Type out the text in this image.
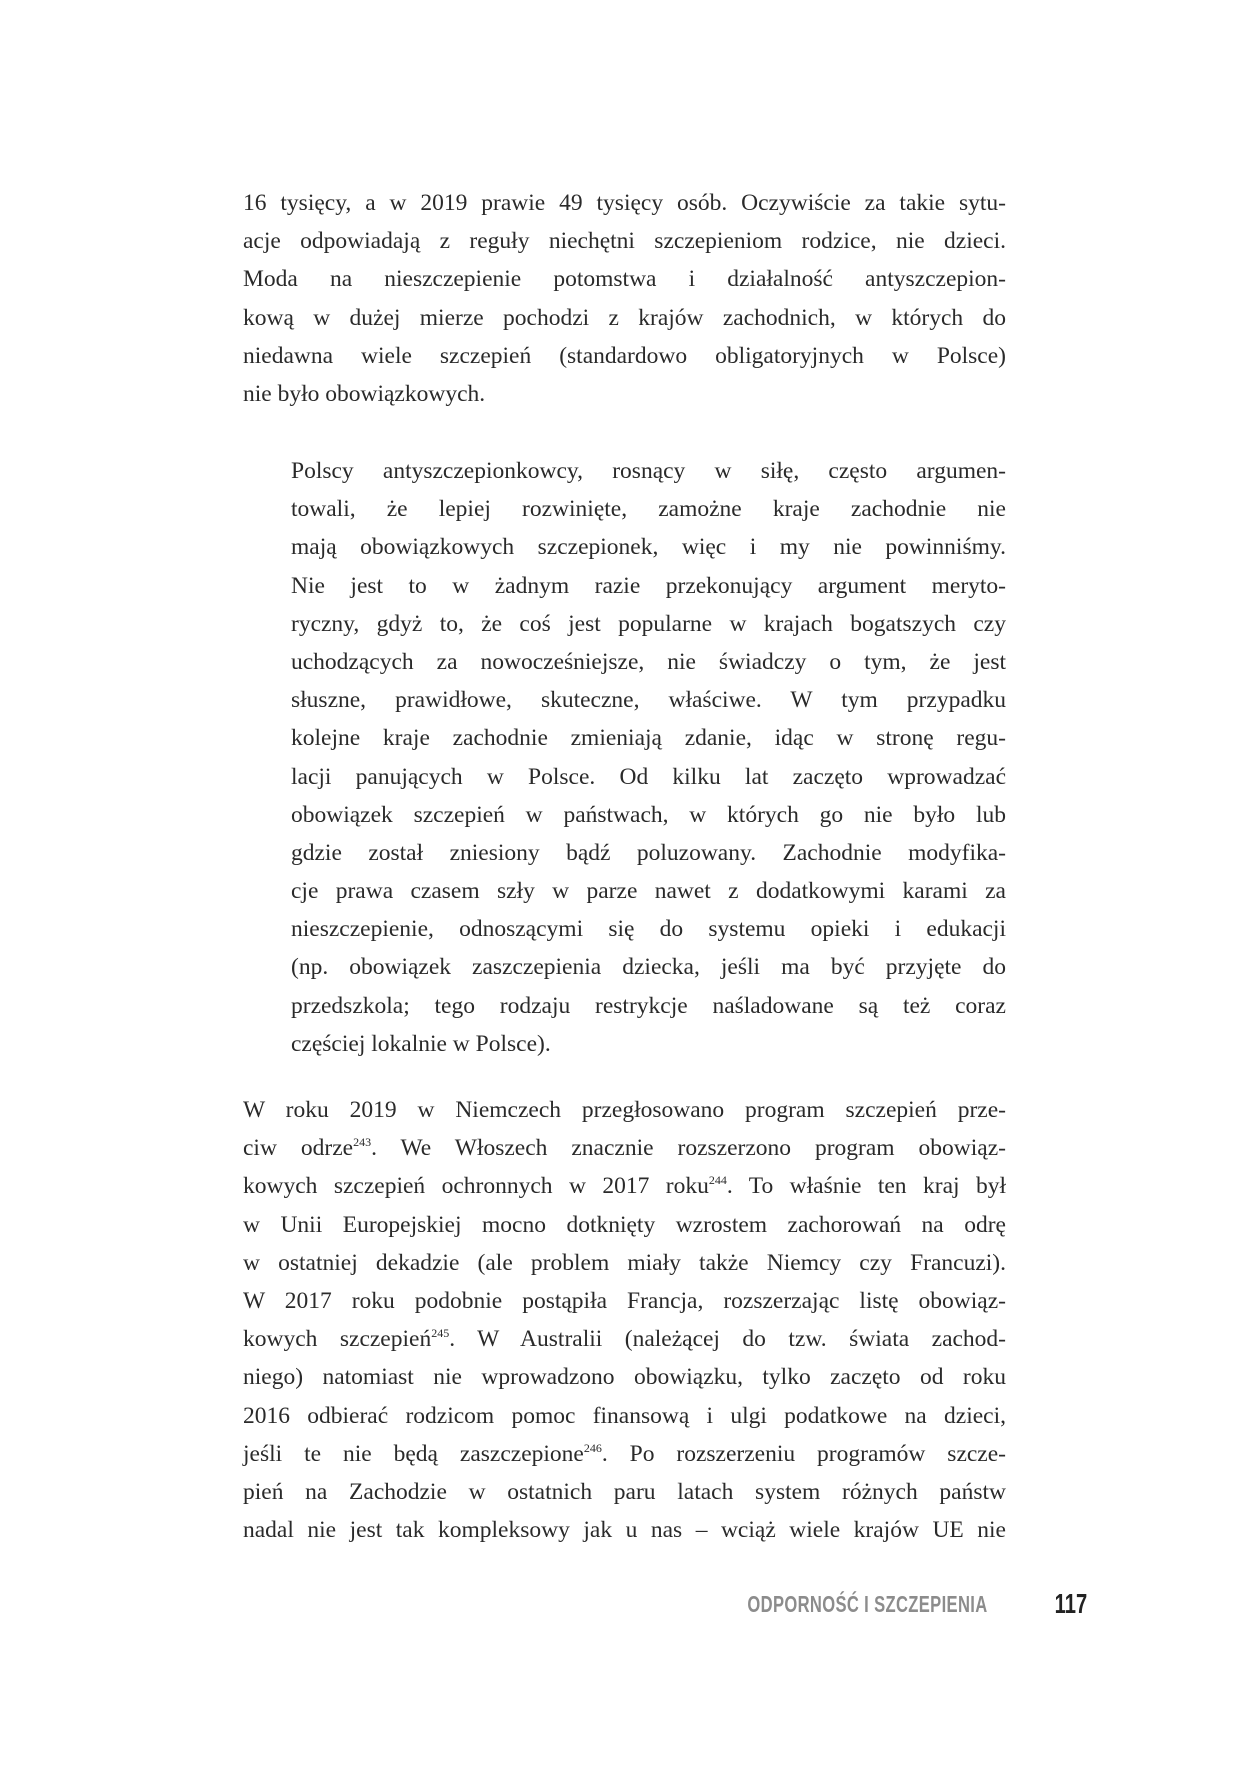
16 tysięcy, a w 2019 prawie 49 tysięcy osób. Oczywiście za takie sytu-
acje odpowiadają z reguły niechętni szczepieniom rodzice, nie dzieci.
Moda na nieszczepienie potomstwa i działalność antyszczepion-
kową w dużej mierze pochodzi z krajów zachodnich, w których do
niedawna wiele szczepień (standardowo obligatoryjnych w Polsce)
nie było obowiązkowych.
Polscy antyszczepionkowcy, rosnący w siłę, często argumen-
towali, że lepiej rozwinięte, zamożne kraje zachodnie nie
mają obowiązkowych szczepionek, więc i my nie powinniśmy.
Nie jest to w żadnym razie przekonujący argument meryto-
ryczny, gdyż to, że coś jest popularne w krajach bogatszych czy
uchodzących za nowocześniejsze, nie świadczy o tym, że jest
słuszne, prawidłowe, skuteczne, właściwe. W tym przypadku
kolejne kraje zachodnie zmieniają zdanie, idąc w stronę regu-
lacji panujących w Polsce. Od kilku lat zaczęto wprowadzać
obowiązek szczepień w państwach, w których go nie było lub
gdzie został zniesiony bądź poluzowany. Zachodnie modyfika-
cje prawa czasem szły w parze nawet z dodatkowymi karami za
nieszczepienie, odnoszącymi się do systemu opieki i edukacji
(np. obowiązek zaszczepienia dziecka, jeśli ma być przyjęte do
przedszkola; tego rodzaju restrykcje naśladowane są też coraz
częściej lokalnie w Polsce).
W roku 2019 w Niemczech przegłosowano program szczepień prze-
ciw odrze$^{243}$. We Włoszech znacznie rozszerzono program obowiąz-
kowych szczepień ochronnych w 2017 roku$^{244}$. To właśnie ten kraj był
w Unii Europejskiej mocno dotknięty wzrostem zachorowań na odrę
w ostatniej dekadzie (ale problem miały także Niemcy czy Francuzi).
W 2017 roku podobnie postąpiła Francja, rozszerzając listę obowiąz-
kowych szczepień$^{245}$. W Australii (należącej do tzw. świata zachod-
niego) natomiast nie wprowadzono obowiązku, tylko zaczęto od roku
2016 odbierać rodzicom pomoc finansową i ulgi podatkowe na dzieci,
jeśli te nie będą zaszczepione$^{246}$. Po rozszerzeniu programów szcze-
pień na Zachodzie w ostatnich paru latach system różnych państw
nadal nie jest tak kompleksowy jak u nas – wciąż wiele krajów UE nie
ODPORNOŚĆ I SZCZEPIENIA 117
